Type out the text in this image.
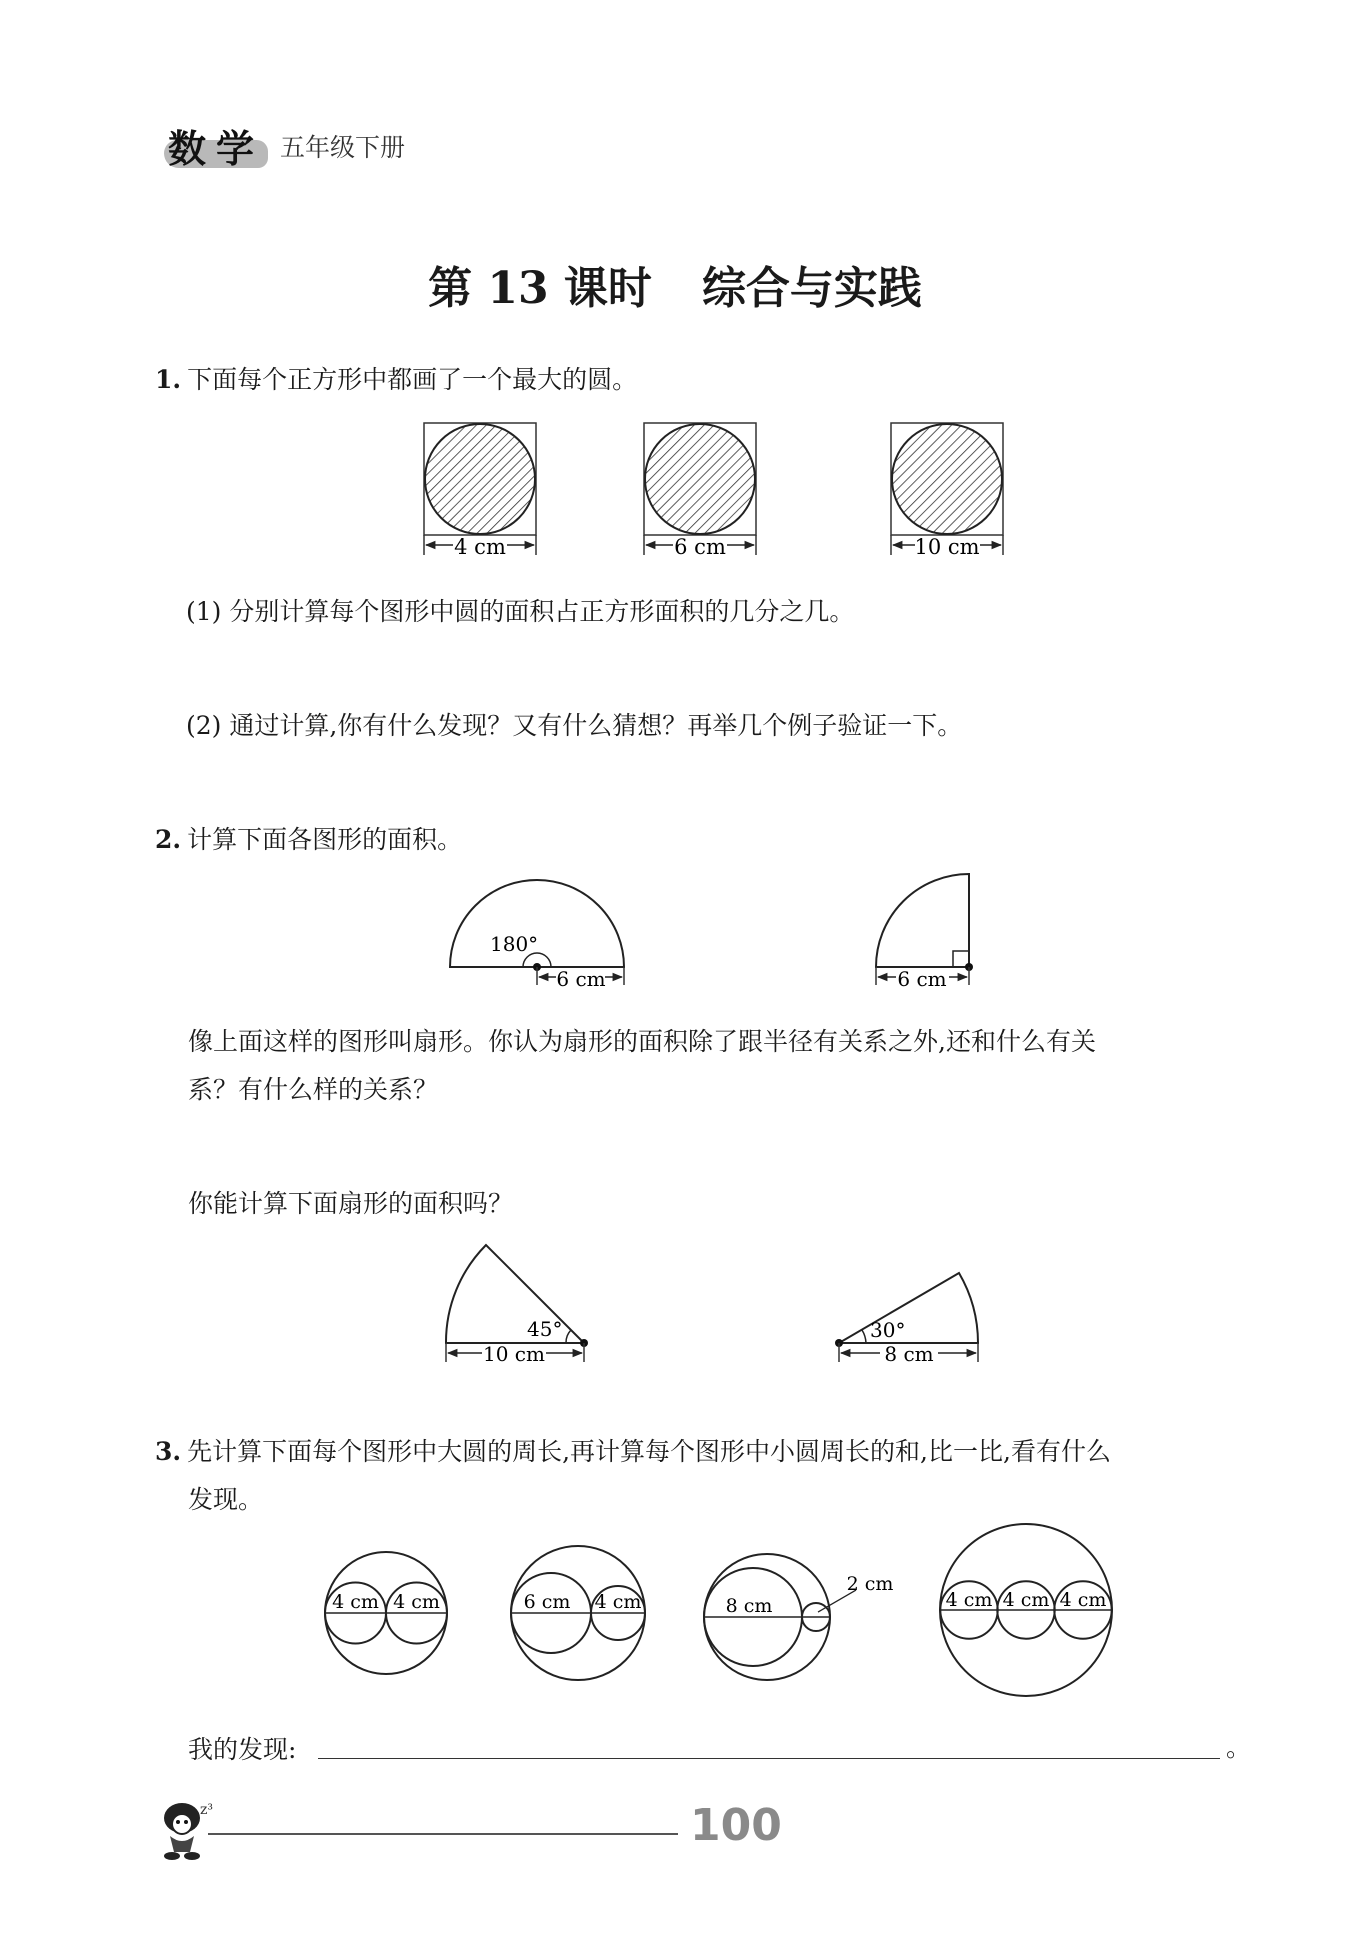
数学 五年级下册
第 13 课时 综合与实践
1. 下面每个正方形中都画了一个最大的圆。
4 cm	6 cm	10 cm
180°
6 cm	6 cm
45°
10 cm
30°
8 cm
4 cm 4 cm	6 cm 4 cm	8 cm
2 cm
4 cm 4 cm 4 cm
z³
(1) 分别计算每个图形中圆的面积占正方形面积的几分之几。
(2) 通过计算,你有什么发现？又有什么猜想？再举几个例子验证一下。
2. 计算下面各图形的面积。
像上面这样的图形叫扇形。你认为扇形的面积除了跟半径有关系之外,还和什么有关
系？有什么样的关系？
你能计算下面扇形的面积吗？
3. 先计算下面每个图形中大圆的周长,再计算每个图形中小圆周长的和,比一比,看有什么
发现。
我的发现:	。
100
